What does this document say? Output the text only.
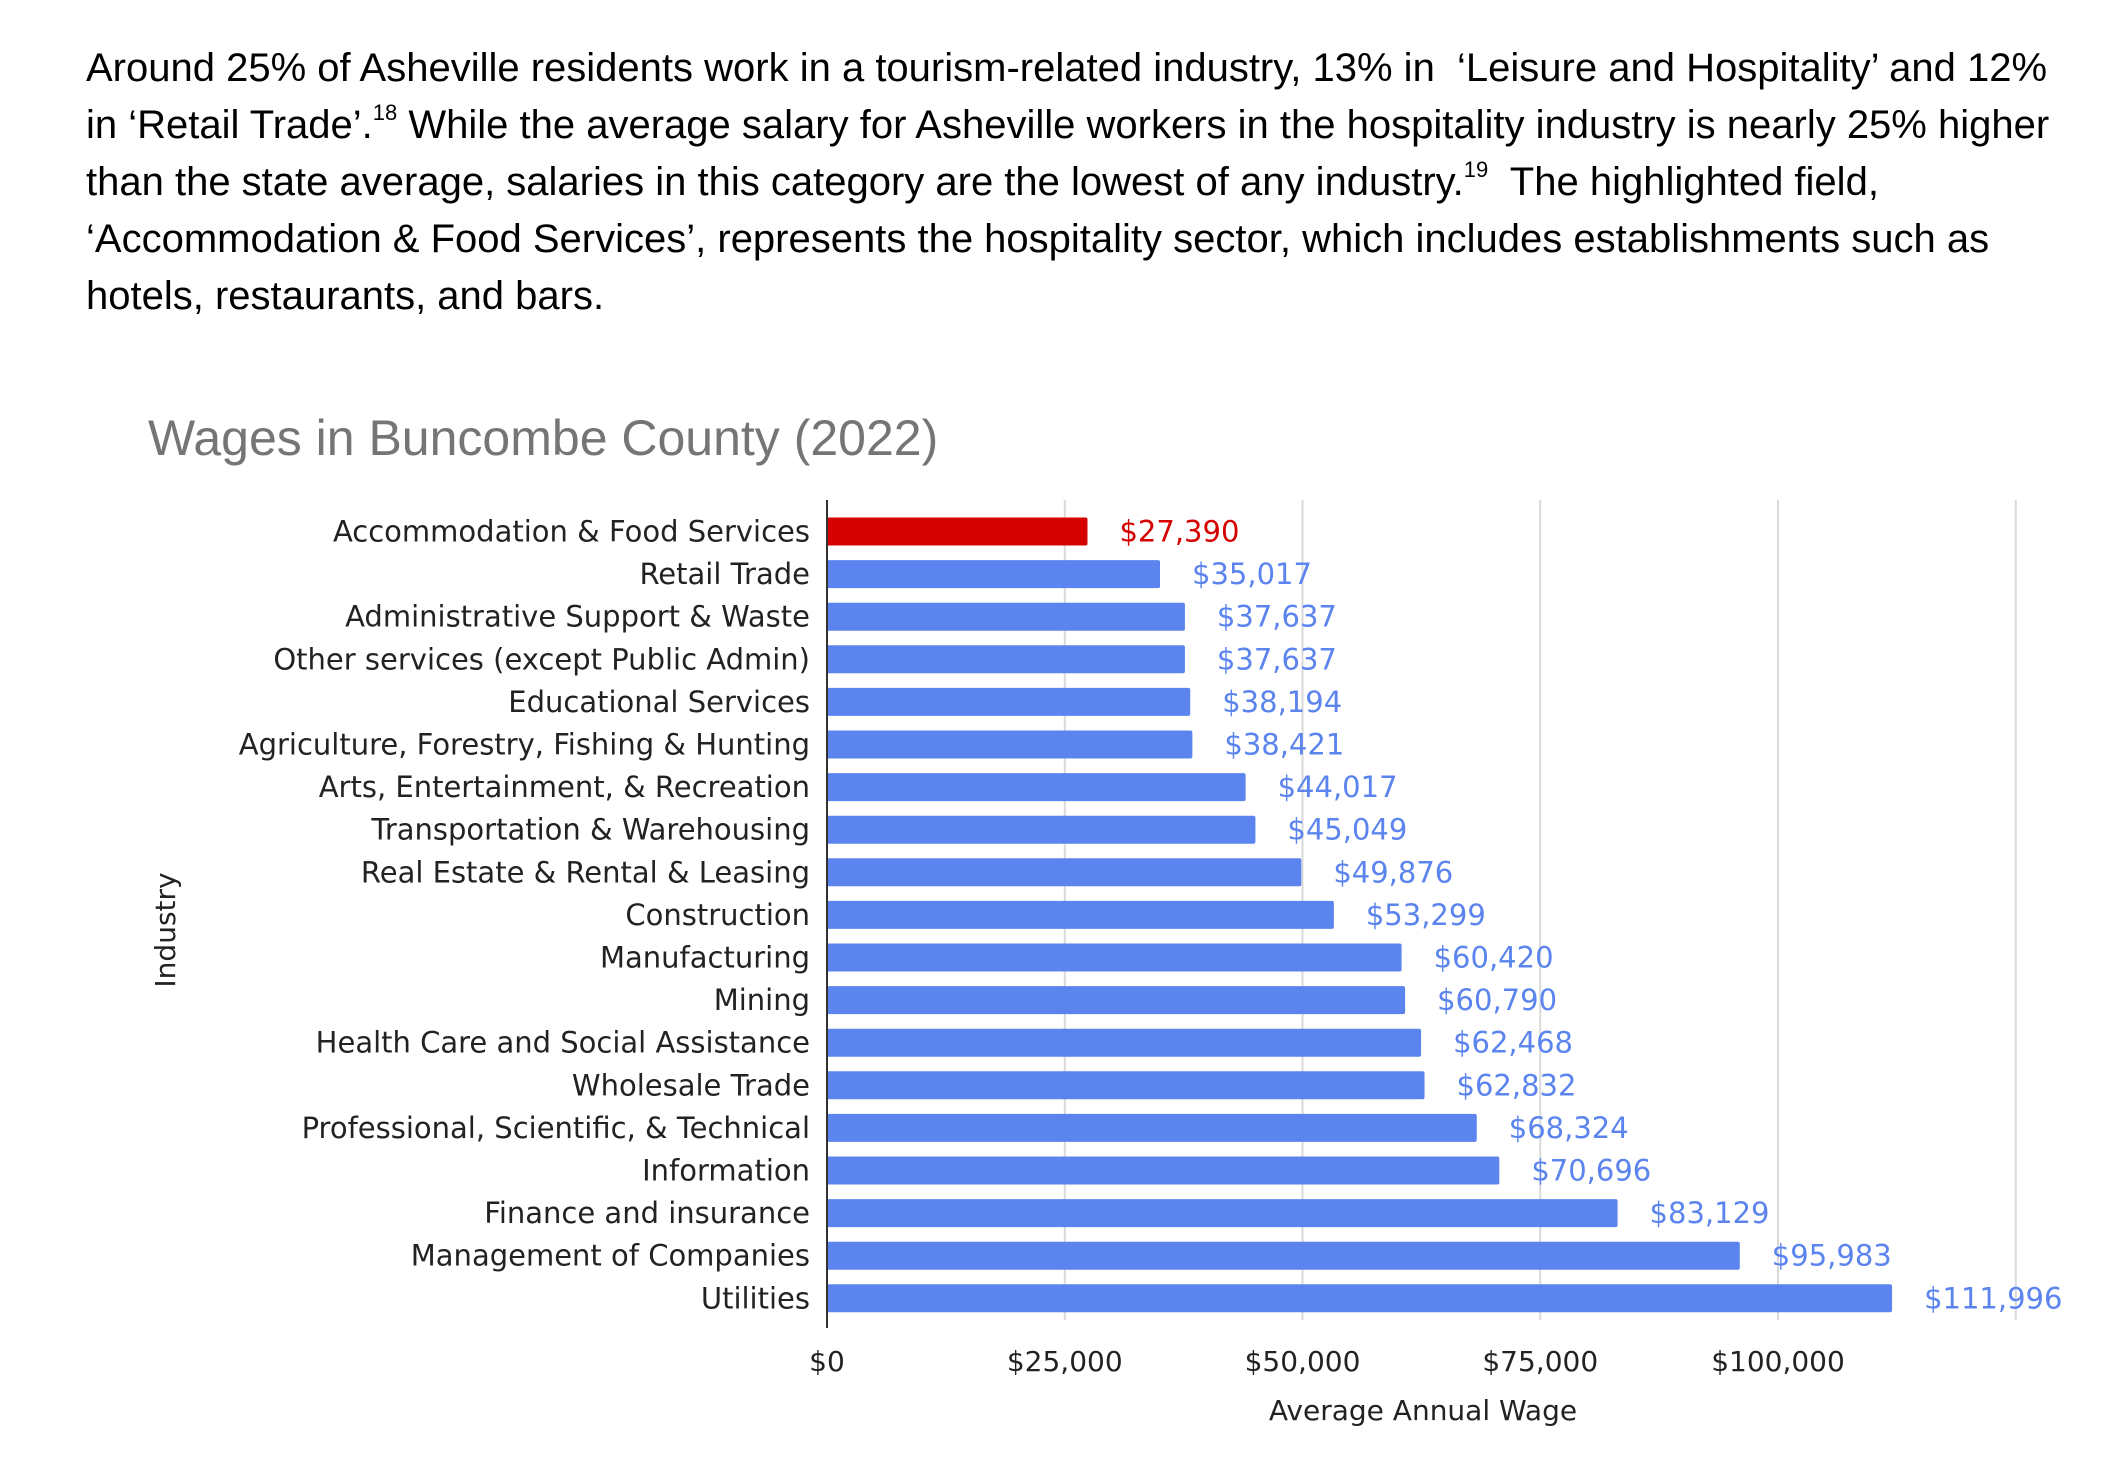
Around 25% of Asheville residents work in a tourism-related industry, 13% in  ‘Leisure and Hospitality’ and 12% in ‘Retail Trade’.$^{18}$ While the average salary for Asheville workers in the hospitality industry is nearly 25% higher than the state average, salaries in this category are the lowest of any industry.$^{19}$  The highlighted field, ‘Accommodation & Food Services’, represents the hospitality sector, which includes establishments such as hotels, restaurants, and bars.

Wages in Buncombe County (2022)
Accommodation & Food Services
Retail Trade
Administrative Support & Waste
Other services (except Public Admin)
Educational Services
Agriculture, Forestry, Fishing & Hunting
Arts, Entertainment, & Recreation
Transportation & Warehousing
Real Estate & Rental & Leasing
Construction
Manufacturing
Mining
Health Care and Social Assistance
Wholesale Trade
Professional, Scientific, & Technical
Information
Finance and insurance
Management of Companies
Utilities
$27,390
$35,017
$37,637
$37,637
$38,194
$38,421
$44,017
$45,049
$49,876
$53,299
$60,420
$60,790
$62,468
$62,832
$68,324
$70,696
$83,129
$95,983
$111,996
$0	$25,000	$50,000	$75,000	$100,000
Average Annual Wage
Industry
